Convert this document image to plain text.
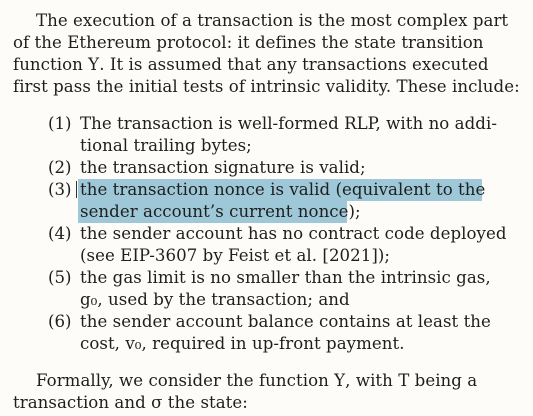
The execution of a transaction is the most complex part
of the Ethereum protocol: it defines the state transition
function Υ. It is assumed that any transactions executed
first pass the initial tests of intrinsic validity. These include:
(1) The transaction is well-formed RLP, with no addi-
tional trailing bytes;
(2) the transaction signature is valid;
(3) the transaction nonce is valid (equivalent to the
sender account’s current nonce);
(4) the sender account has no contract code deployed
(see EIP-3607 by Feist et al. [2021]);
(5) the gas limit is no smaller than the intrinsic gas,
g₀, used by the transaction; and
(6) the sender account balance contains at least the
cost, v₀, required in up-front payment.
Formally, we consider the function Υ, with T being a
transaction and σ the state:
